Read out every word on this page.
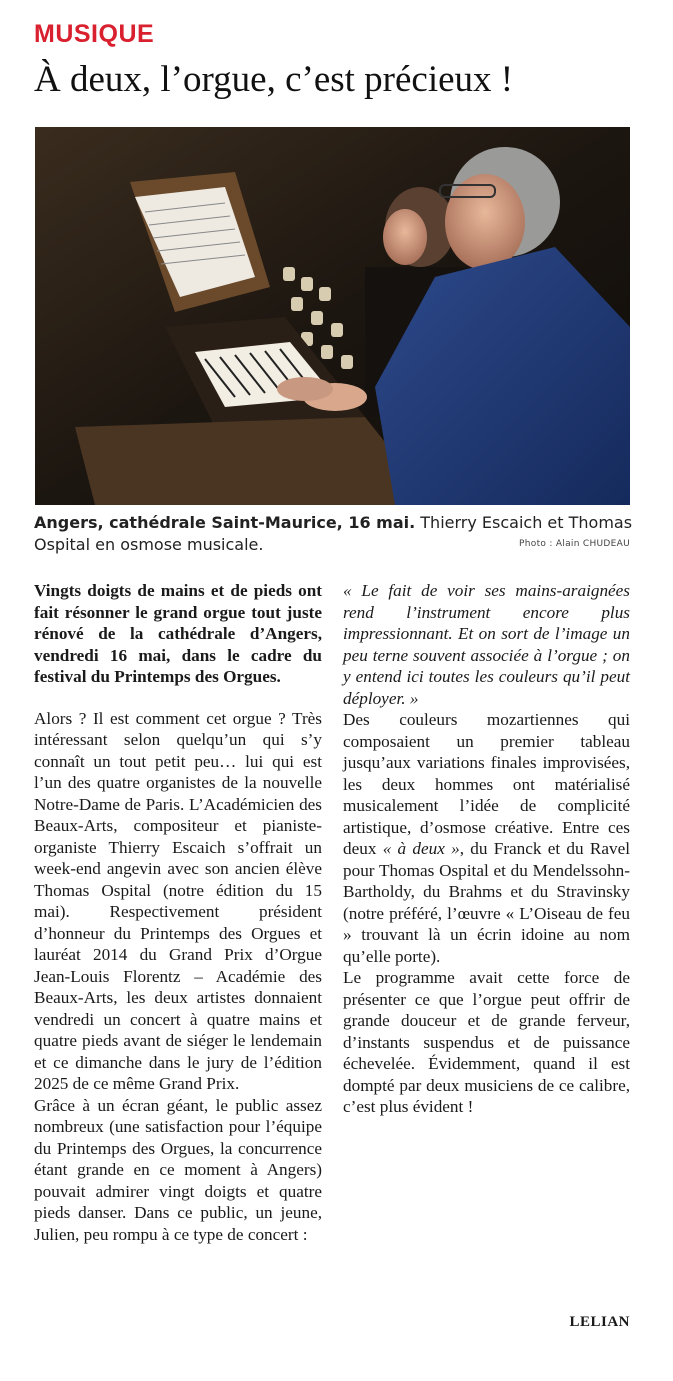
MUSIQUE
À deux, l’orgue, c’est précieux !
Angers, cathédrale Saint-Maurice, 16 mai. Thierry Escaich et Thomas Ospital en osmose musicale.	Photo : Alain CHUDEAU

Vingts doigts de mains et de pieds ont fait résonner le grand orgue tout juste rénové de la cathédrale d’Angers, vendredi 16 mai, dans le cadre du festival du Printemps des Orgues.

Alors ? Il est comment cet orgue ? Très intéressant selon quelqu’un qui s’y connaît un tout petit peu… lui qui est l’un des quatre organistes de la nouvelle Notre-Dame de Paris. L’Académicien des Beaux-Arts, compositeur et pianiste-organiste Thierry Escaich s’offrait un week-end angevin avec son ancien élève Thomas Ospital (notre édition du 15 mai). Respectivement président d’honneur du Printemps des Orgues et lauréat 2014 du Grand Prix d’Orgue Jean-Louis Florentz – Académie des Beaux-Arts, les deux artistes donnaient vendredi un concert à quatre mains et quatre pieds avant de siéger le lendemain et ce dimanche dans le jury de l’édition 2025 de ce même Grand Prix.

Grâce à un écran géant, le public assez nombreux (une satisfaction pour l’équipe du Printemps des Orgues, la concurrence étant grande en ce moment à Angers) pouvait admirer vingt doigts et quatre pieds danser. Dans ce public, un jeune, Julien, peu rompu à ce type de concert :

« Le fait de voir ses mains-araignées rend l’instrument encore plus impressionnant. Et on sort de l’image un peu terne souvent associée à l’orgue ; on y entend ici toutes les couleurs qu’il peut déployer. »

Des couleurs mozartiennes qui composaient un premier tableau jusqu’aux variations finales improvisées, les deux hommes ont matérialisé musicalement l’idée de complicité artistique, d’osmose créative. Entre ces deux « à deux », du Franck et du Ravel pour Thomas Ospital et du Mendelssohn-Bartholdy, du Brahms et du Stravinsky (notre préféré, l’œuvre « L’Oiseau de feu » trouvant là un écrin idoine au nom qu’elle porte).

Le programme avait cette force de présenter ce que l’orgue peut offrir de grande douceur et de grande ferveur, d’instants suspendus et de puissance échevelée. Évidemment, quand il est dompté par deux musiciens de ce calibre, c’est plus évident !

LELIAN
